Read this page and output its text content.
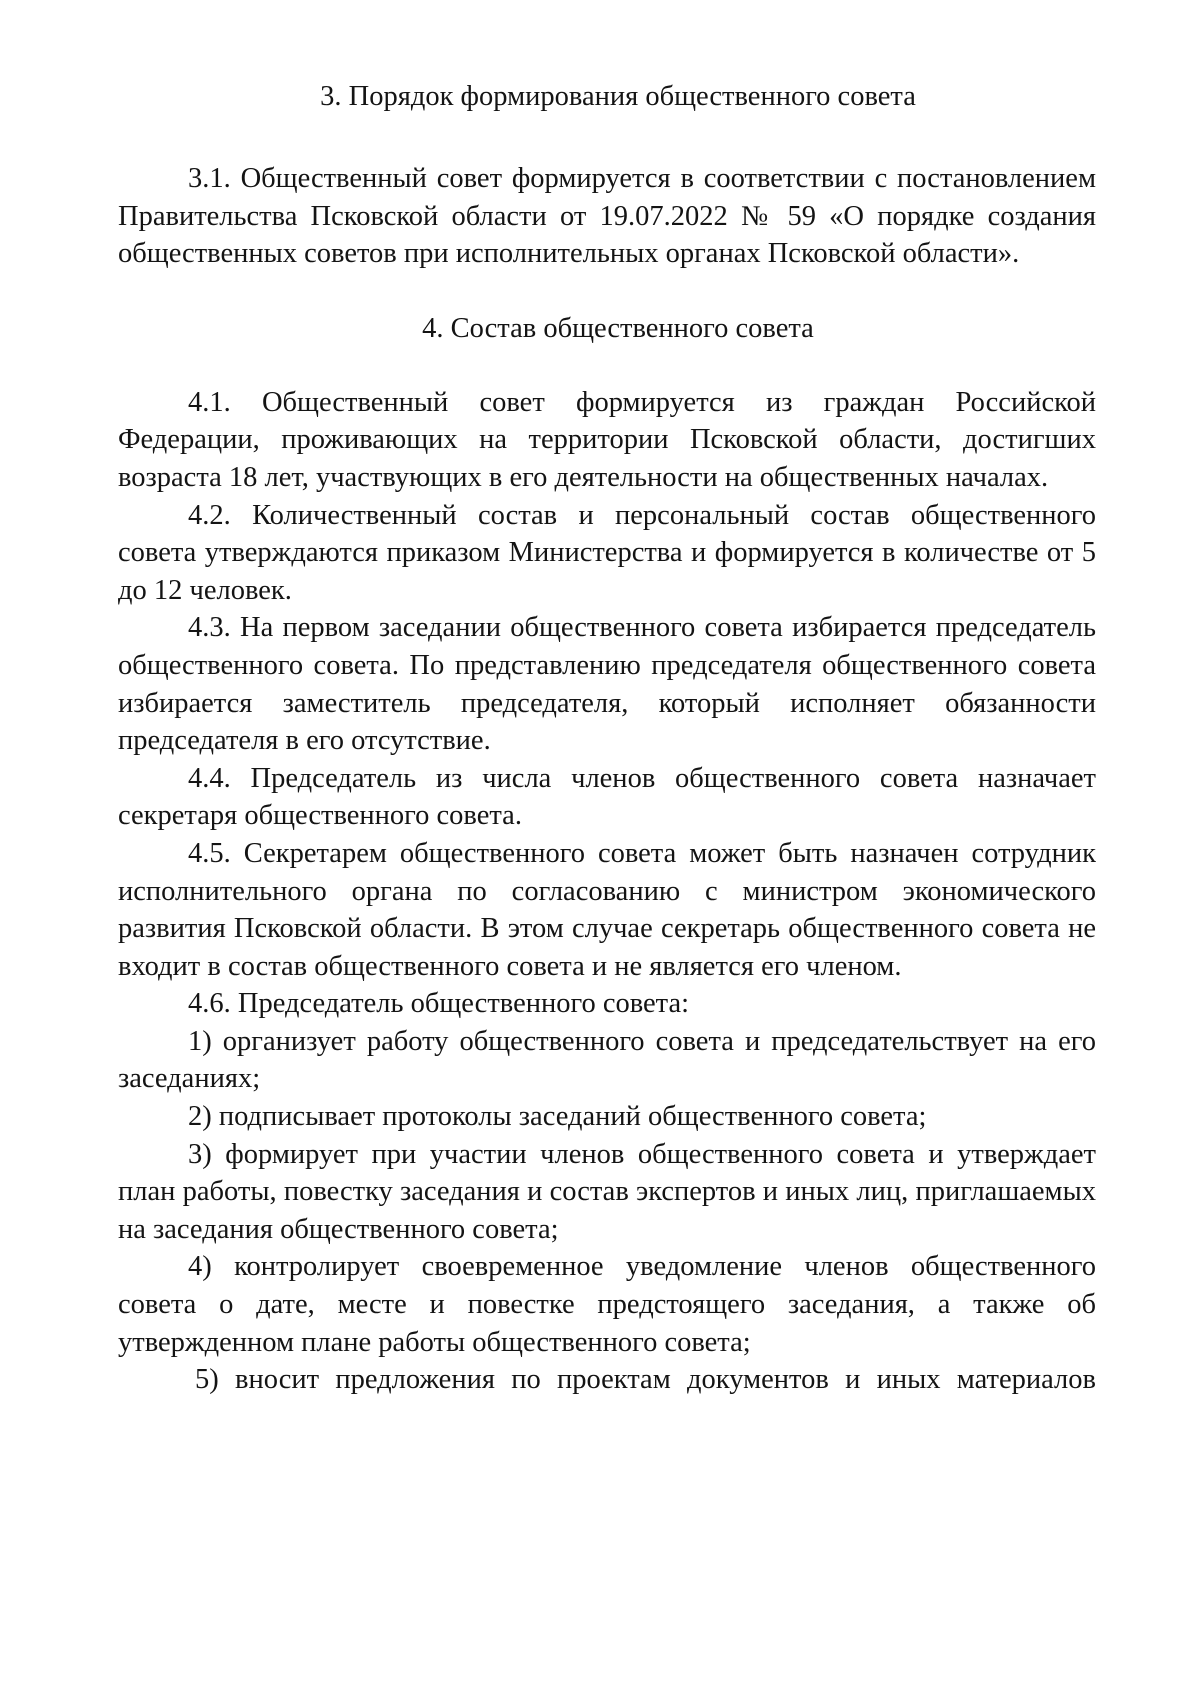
3. Порядок формирования общественного совета

3.1. Общественный совет формируется в соответствии с постановлением Правительства Псковской области от 19.07.2022 № 59 «О порядке создания общественных советов при исполнительных органах Псковской области».

4. Состав общественного совета

4.1. Общественный совет формируется из граждан Российской Федерации, проживающих на территории Псковской области, достигших возраста 18 лет, участвующих в его деятельности на общественных началах.

4.2. Количественный состав и персональный состав общественного совета утверждаются приказом Министерства и формируется в количестве от 5 до 12 человек.

4.3. На первом заседании общественного совета избирается председатель общественного совета. По представлению председателя общественного совета избирается заместитель председателя, который исполняет обязанности председателя в его отсутствие.

4.4. Председатель из числа членов общественного совета назначает секретаря общественного совета.

4.5. Секретарем общественного совета может быть назначен сотрудник исполнительного органа по согласованию с министром экономического развития Псковской области. В этом случае секретарь общественного совета не входит в состав общественного совета и не является его членом.

4.6. Председатель общественного совета:

1) организует работу общественного совета и председательствует на его заседаниях;

2) подписывает протоколы заседаний общественного совета;

3) формирует при участии членов общественного совета и утверждает план работы, повестку заседания и состав экспертов и иных лиц, приглашаемых на заседания общественного совета;

4) контролирует своевременное уведомление членов общественного совета о дате, месте и повестке предстоящего заседания, а также об утвержденном плане работы общественного совета;

5) вносит предложения по проектам документов и иных материалов
